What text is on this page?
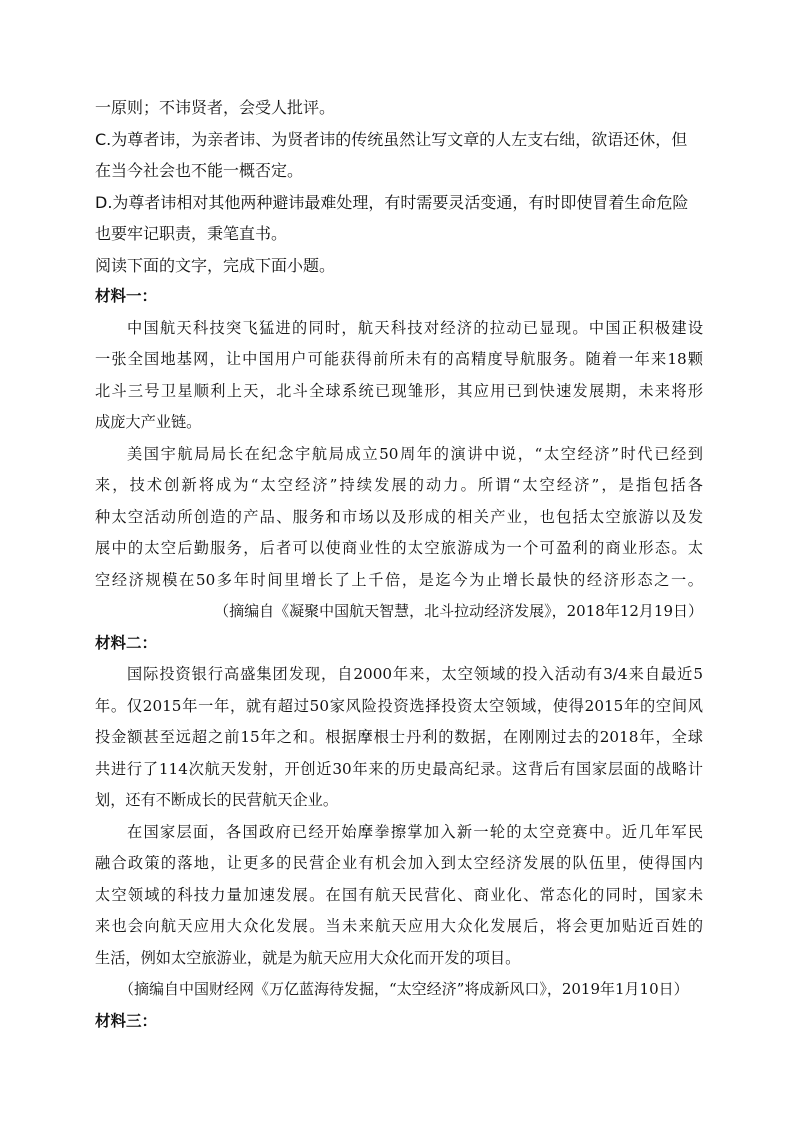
一原则；不讳贤者，会受人批评。

C.为尊者讳，为亲者讳、为贤者讳的传统虽然让写文章的人左支右绌，欲语还休，但

在当今社会也不能一概否定。

D.为尊者讳相对其他两种避讳最难处理，有时需要灵活变通，有时即使冒着生命危险

也要牢记职责，秉笔直书。

阅读下面的文字，完成下面小题。

材料一：

中国航天科技突飞猛进的同时，航天科技对经济的拉动已显现。中国正积极建设

一张全国地基网，让中国用户可能获得前所未有的高精度导航服务。随着一年来18颗

北斗三号卫星顺利上天，北斗全球系统已现雏形，其应用已到快速发展期，未来将形

成庞大产业链。

美国宇航局局长在纪念宇航局成立50周年的演讲中说，“太空经济”时代已经到

来，技术创新将成为“太空经济”持续发展的动力。所谓“太空经济”，是指包括各

种太空活动所创造的产品、服务和市场以及形成的相关产业，也包括太空旅游以及发

展中的太空后勤服务，后者可以使商业性的太空旅游成为一个可盈利的商业形态。太

空经济规模在50多年时间里增长了上千倍，是迄今为止增长最快的经济形态之一。

（摘编自《凝聚中国航天智慧，北斗拉动经济发展》，2018年12月19日）

材料二：

国际投资银行高盛集团发现，自2000年来，太空领域的投入活动有3/4来自最近5

年。仅2015年一年，就有超过50家风险投资选择投资太空领域，使得2015年的空间风

投金额甚至远超之前15年之和。根据摩根士丹利的数据，在刚刚过去的2018年，全球

共进行了114次航天发射，开创近30年来的历史最高纪录。这背后有国家层面的战略计

划，还有不断成长的民营航天企业。

在国家层面，各国政府已经开始摩拳擦掌加入新一轮的太空竞赛中。近几年军民

融合政策的落地，让更多的民营企业有机会加入到太空经济发展的队伍里，使得国内

太空领域的科技力量加速发展。在国有航天民营化、商业化、常态化的同时，国家未

来也会向航天应用大众化发展。当未来航天应用大众化发展后，将会更加贴近百姓的

生活，例如太空旅游业，就是为航天应用大众化而开发的项目。

（摘编自中国财经网《万亿蓝海待发掘，“太空经济”将成新风口》，2019年1月10日）

材料三：
